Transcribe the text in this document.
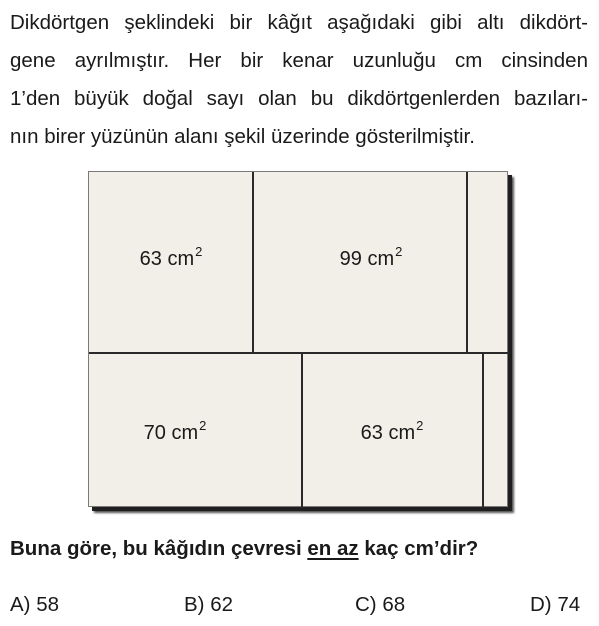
Dikdörtgen şeklindeki bir kâğıt aşağıdaki gibi altı dikdört-
gene ayrılmıştır. Her bir kenar uzunluğu cm cinsinden
1’den büyük doğal sayı olan bu dikdörtgenlerden bazıları-
nın birer yüzünün alanı şekil üzerinde gösterilmiştir.
63 $cm^2$	99 $cm^2$
70 $cm^2$	63 $cm^2$
Buna göre, bu kâğıdın çevresi en az kaç cm’dir?
A) 58	B) 62	C) 68	D) 74
